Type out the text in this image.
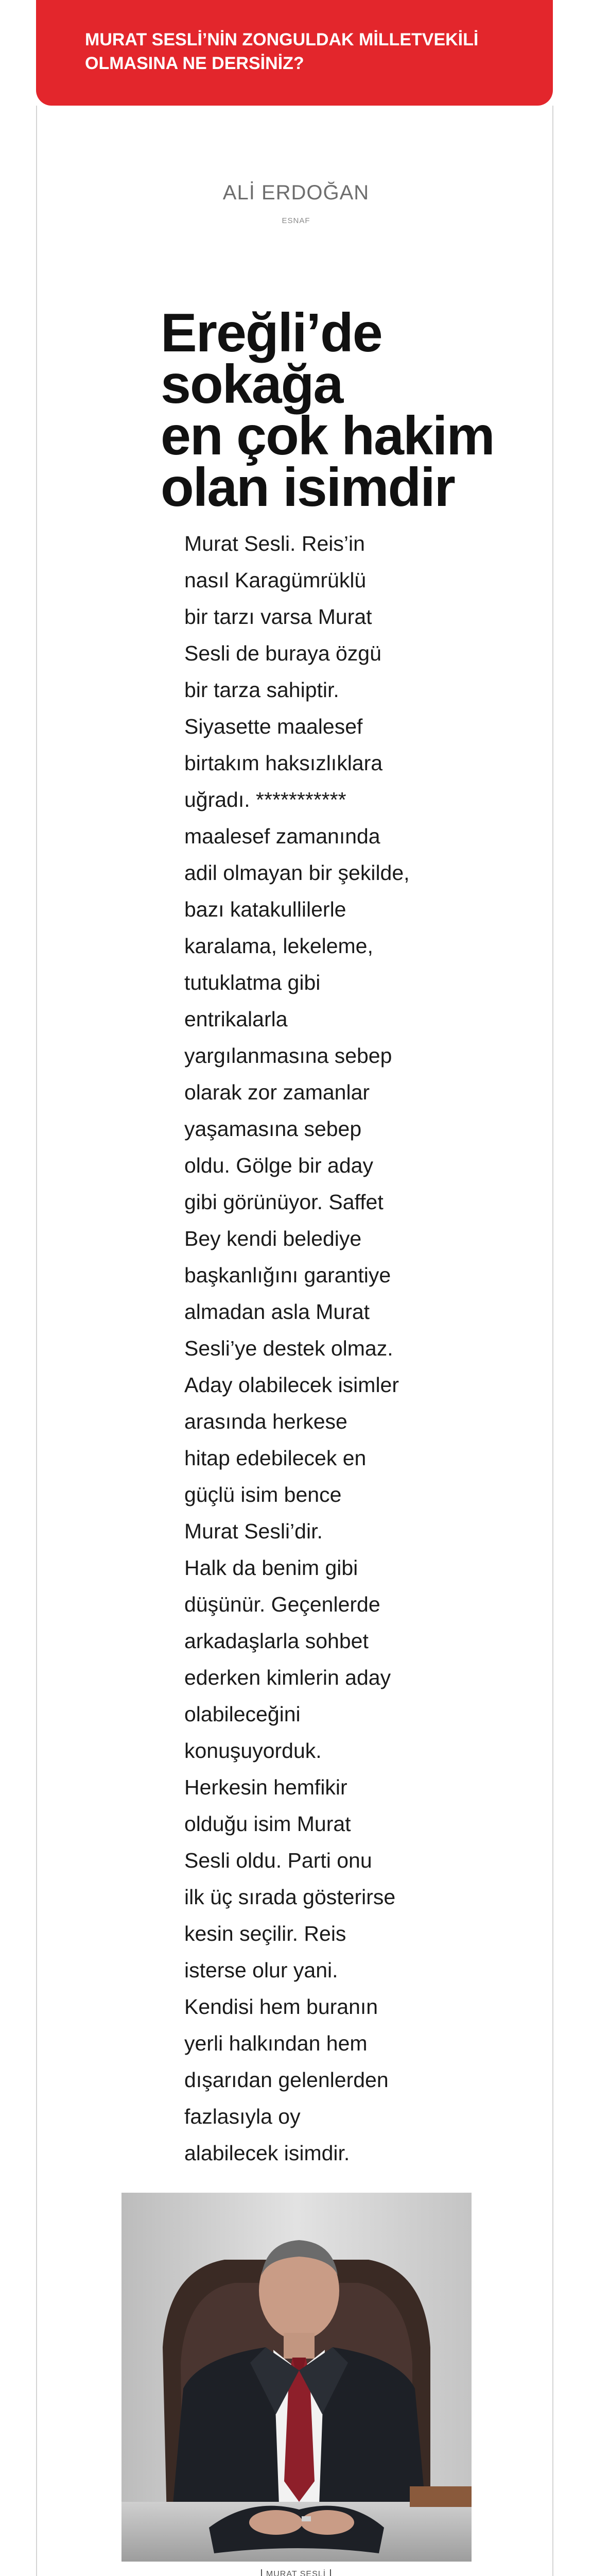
MURAT SESLİ’NİN ZONGULDAK MİLLETVEKİLİ
OLMASINA NE DERSİNİZ?
ALİ ERDOĞAN
ESNAF
Ereğli’de
sokağa
en çok hakim
olan isimdir
Murat Sesli. Reis’in
nasıl Karagümrüklü
bir tarzı varsa Murat
Sesli de buraya özgü
bir tarza sahiptir.
Siyasette maalesef
birtakım haksızlıklara
uğradı. ***********
maalesef zamanında
adil olmayan bir şekilde,
bazı katakullilerle
karalama, lekeleme,
tutuklatma gibi
entrikalarla
yargılanmasına sebep
olarak zor zamanlar
yaşamasına sebep
oldu. Gölge bir aday
gibi görünüyor. Saffet
Bey kendi belediye
başkanlığını garantiye
almadan asla Murat
Sesli’ye destek olmaz.
Aday olabilecek isimler
arasında herkese
hitap edebilecek en
güçlü isim bence
Murat Sesli’dir.
Halk da benim gibi
düşünür. Geçenlerde
arkadaşlarla sohbet
ederken kimlerin aday
olabileceğini
konuşuyorduk.
Herkesin hemfikir
olduğu isim Murat
Sesli oldu. Parti onu
ilk üç sırada gösterirse
kesin seçilir. Reis
isterse olur yani.
Kendisi hem buranın
yerli halkından hem
dışarıdan gelenlerden
fazlasıyla oy
alabilecek isimdir.
MURAT SESLİ
